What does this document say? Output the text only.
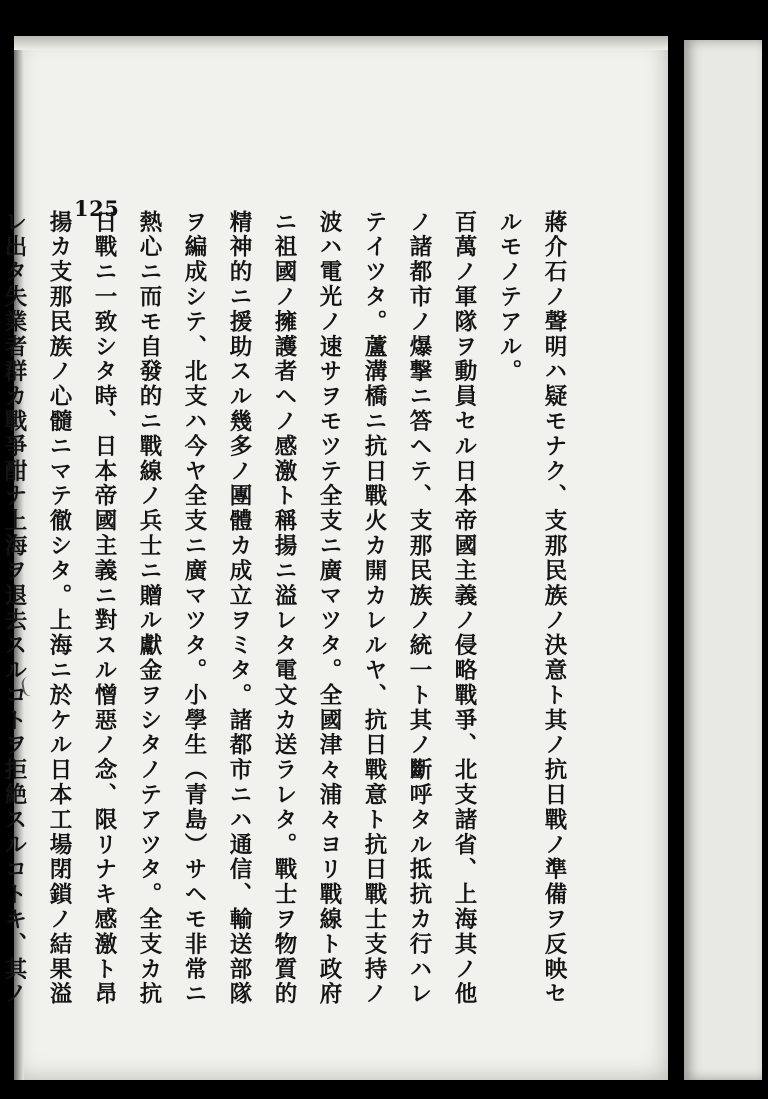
125
蔣介石ノ聲明ハ疑モナク、支那民族ノ決意ト其ノ抗日戰ノ準備ヲ反映セ
ルモノテアル。
百萬ノ軍隊ヲ動員セル日本帝國主義ノ侵略戰爭、北支諸省、上海其ノ他
ノ諸都市ノ爆撃ニ答ヘテ、支那民族ノ統一ト其ノ斷呼タル抵抗カ行ハレ
テイツタ。蘆溝橋ニ抗日戰火カ開カレルヤ、抗日戰意ト抗日戰士支持ノ
波ハ電光ノ速サヲモツテ全支ニ廣マツタ。全國津々浦々ヨリ戰線ト政府
ニ祖國ノ擁護者ヘノ感激ト稱揚ニ溢レタ電文カ送ラレタ。戰士ヲ物質的
精神的ニ援助スル幾多ノ團體カ成立ヲミタ。諸都市ニハ通信、輸送部隊
ヲ編成シテ、北支ハ今ヤ全支ニ廣マツタ。小學生（青島）サヘモ非常ニ
熱心ニ而モ自發的ニ戰線ノ兵士ニ贈ル獻金ヲシタノテアツタ。全支カ抗
日戰ニ一致シタ時、日本帝國主義ニ對スル憎惡ノ念、限リナキ感激ト昂
揚カ支那民族ノ心髓ニマテ徹シタ。上海ニ於ケル日本工場閉鎖ノ結果溢
レ出タ失業者群カ戰爭酣ナ上海ヲ退去スルコトヲ拒絶スルコトキ、其ノ
